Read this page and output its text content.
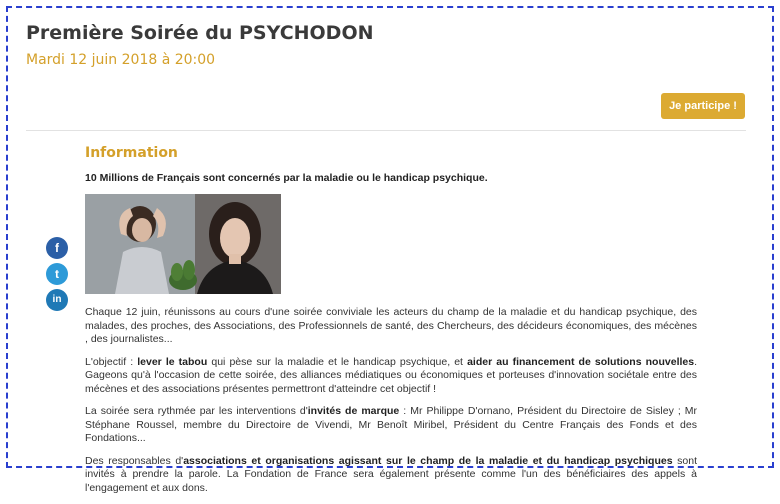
Première Soirée du PSYCHODON
Mardi 12 juin 2018 à 20:00
Je participe !
Information
10 Millions de Français sont concernés par la maladie ou le handicap psychique.
f
t
in

Chaque 12 juin, réunissons au cours d'une soirée conviviale les acteurs du champ de la maladie et du handicap psychique, des malades, des proches, des Associations, des Professionnels de santé, des Chercheurs, des décideurs économiques, des mécènes , des journalistes...

L'objectif : lever le tabou qui pèse sur la maladie et le handicap psychique, et aider au financement de solutions nouvelles. Gageons qu'à l'occasion de cette soirée, des alliances médiatiques ou économiques et porteuses d'innovation sociétale entre des mécènes et des associations présentes permettront d'atteindre cet objectif !

La soirée sera rythmée par les interventions d'invités de marque : Mr Philippe D'ornano, Président du Directoire de Sisley ; Mr Stéphane Roussel, membre du Directoire de Vivendi, Mr Benoît Miribel, Président du Centre Français des Fonds et des Fondations...

Des responsables d'associations et organisations agissant sur le champ de la maladie et du handicap psychiques sont invités à prendre la parole. La Fondation de France sera également présente comme l'un des bénéficiaires des appels à l'engagement et aux dons.
